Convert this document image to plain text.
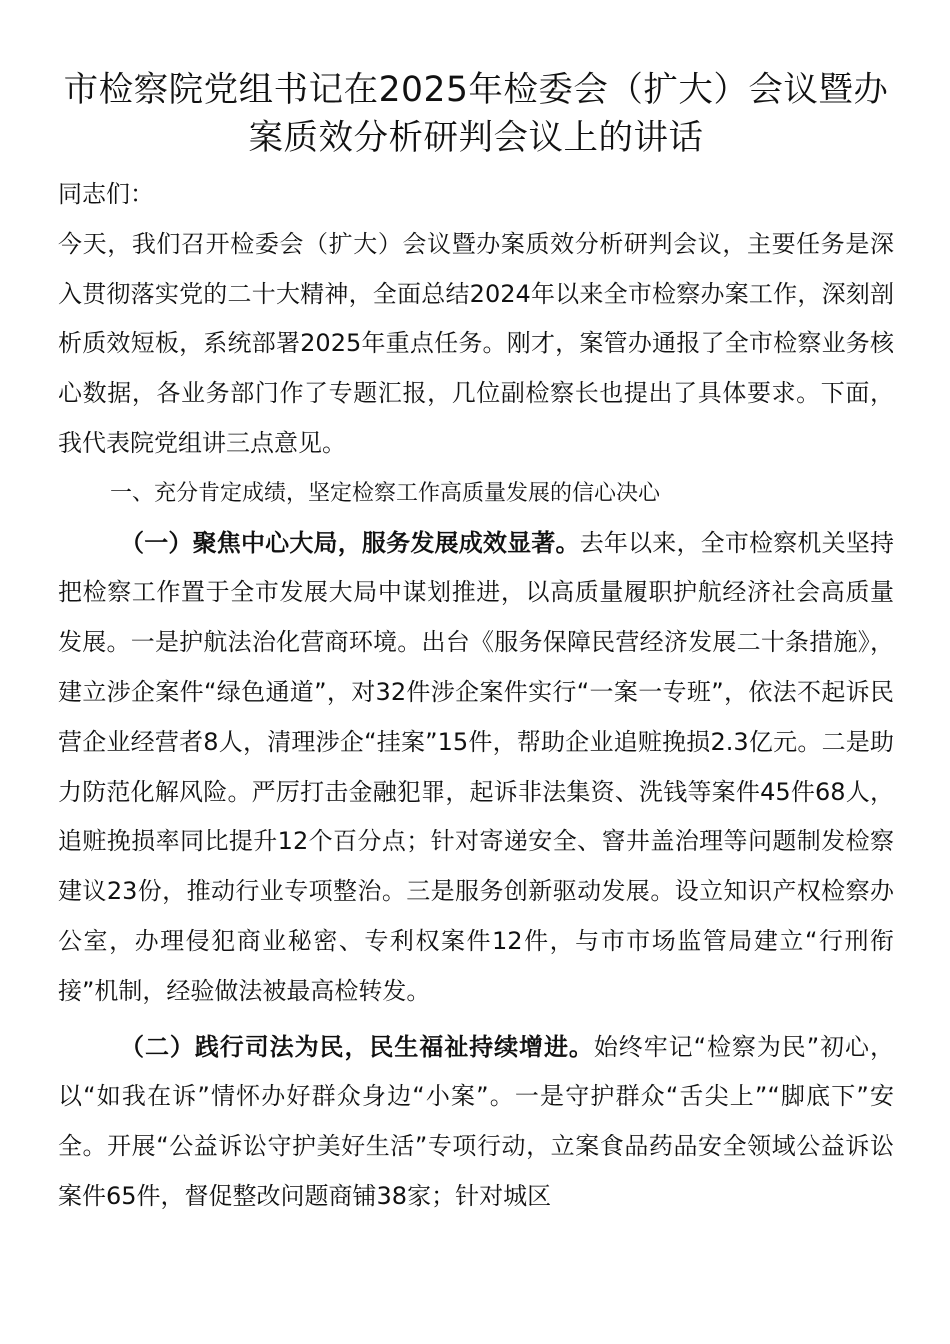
市检察院党组书记在2025年检委会（扩大）会议暨办案质效分析研判会议上的讲话

同志们：

今天，我们召开检委会（扩大）会议暨办案质效分析研判会议，主要任务是深入贯彻落实党的二十大精神，全面总结2024年以来全市检察办案工作，深刻剖析质效短板，系统部署2025年重点任务。刚才，案管办通报了全市检察业务核心数据，各业务部门作了专题汇报，几位副检察长也提出了具体要求。下面，我代表院党组讲三点意见。

一、充分肯定成绩，坚定检察工作高质量发展的信心决心

（一）聚焦中心大局，服务发展成效显著。去年以来，全市检察机关坚持把检察工作置于全市发展大局中谋划推进，以高质量履职护航经济社会高质量发展。一是护航法治化营商环境。出台《服务保障民营经济发展二十条措施》，建立涉企案件“绿色通道”，对32件涉企案件实行“一案一专班”，依法不起诉民营企业经营者8人，清理涉企“挂案”15件，帮助企业追赃挽损2.3亿元。二是助力防范化解风险。严厉打击金融犯罪，起诉非法集资、洗钱等案件45件68人，追赃挽损率同比提升12个百分点；针对寄递安全、窨井盖治理等问题制发检察建议23份，推动行业专项整治。三是服务创新驱动发展。设立知识产权检察办公室，办理侵犯商业秘密、专利权案件12件，与市市场监管局建立“行刑衔接”机制，经验做法被最高检转发。

（二）践行司法为民，民生福祉持续增进。始终牢记“检察为民”初心，以“如我在诉”情怀办好群众身边“小案”。一是守护群众“舌尖上”“脚底下”安全。开展“公益诉讼守护美好生活”专项行动，立案食品药品安全领域公益诉讼案件65件，督促整改问题商铺38家；针对城区
